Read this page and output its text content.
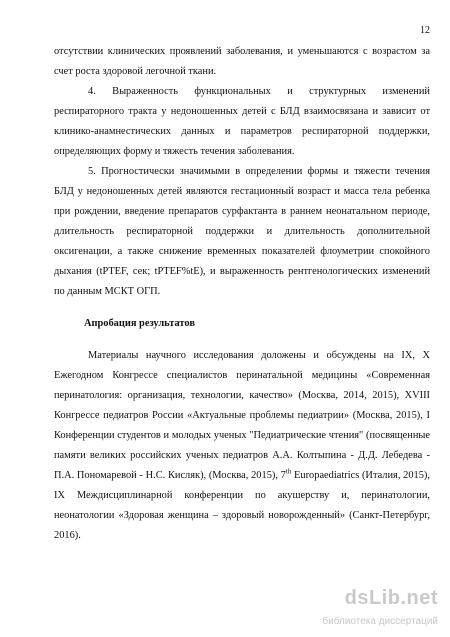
12

отсутствии клинических проявлений заболевания, и уменьшаются с возрастом за счет роста здоровой легочной ткани.

4. Выраженность функциональных и структурных изменений респираторного тракта у недоношенных детей с БЛД взаимосвязана и зависит от клинико-анамнестических данных и параметров респираторной поддержки, определяющих форму и тяжесть течения заболевания.

5. Прогностически значимыми в определении формы и тяжести течения БЛД у недоношенных детей являются гестационный возраст и масса тела ребенка при рождении, введение препаратов сурфактанта в раннем неонатальном периоде, длительность респираторной поддержки и длительность дополнительной оксигенации, а также снижение временных показателей флоуметрии спокойного дыхания (tPTEF, сек; tPTEF%tE), и выраженность рентгенологических изменений по данным МСКТ ОГП.

Апробация результатов

Материалы научного исследования доложены и обсуждены на IX, X Ежегодном Конгрессе специалистов перинатальной медицины «Современная перинатология: организация, технологии, качество» (Москва, 2014, 2015), XVIII Конгрессе педиатров России «Актуальные проблемы педиатрии» (Москва, 2015), I Конференции студентов и молодых ученых "Педиатрические чтения" (посвященные памяти великих российских ученых педиатров А.А. Колтыпина - Д.Д. Лебедева - П.А. Пономаревой - Н.С. Кисляк), (Москва, 2015), 7th Europaediatrics (Италия, 2015), IX Междисциплинарной конференции по акушерству и, перинатологии, неонатологии «Здоровая женщина – здоровый новорожденный» (Санкт-Петербург, 2016).

dsLib.net
библиотека диссертаций
